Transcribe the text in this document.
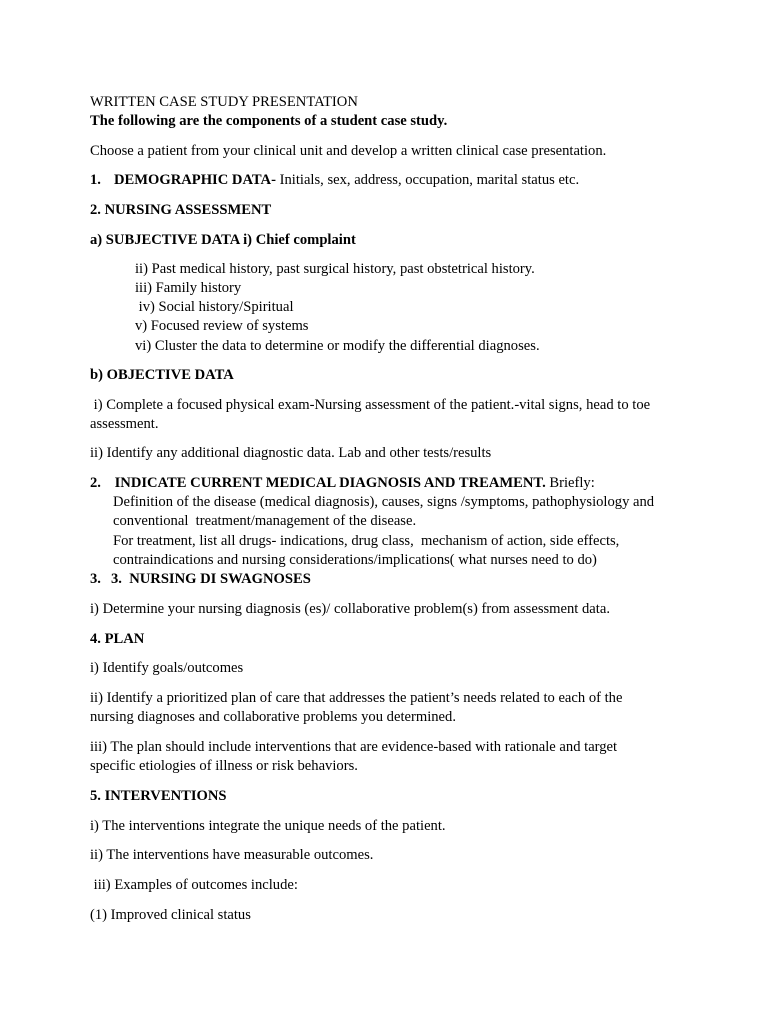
WRITTEN CASE STUDY PRESENTATION
The following are the components of a student case study.
Choose a patient from your clinical unit and develop a written clinical case presentation.
1. DEMOGRAPHIC DATA- Initials, sex, address, occupation, marital status etc.
2. NURSING ASSESSMENT
a) SUBJECTIVE DATA i) Chief complaint
ii) Past medical history, past surgical history, past obstetrical history.
iii) Family history
iv) Social history/Spiritual
v) Focused review of systems
vi) Cluster the data to determine or modify the differential diagnoses.
b) OBJECTIVE DATA
i) Complete a focused physical exam-Nursing assessment of the patient.-vital signs, head to toe
assessment.
ii) Identify any additional diagnostic data. Lab and other tests/results
2. INDICATE CURRENT MEDICAL DIAGNOSIS AND TREAMENT. Briefly:
Definition of the disease (medical diagnosis), causes, signs /symptoms, pathophysiology and
conventional  treatment/management of the disease.
For treatment, list all drugs- indications, drug class,  mechanism of action, side effects,
contraindications and nursing considerations/implications( what nurses need to do)
3. 3.  NURSING DI SWAGNOSES
i) Determine your nursing diagnosis (es)/ collaborative problem(s) from assessment data.
4. PLAN
i) Identify goals/outcomes
ii) Identify a prioritized plan of care that addresses the patient’s needs related to each of the
nursing diagnoses and collaborative problems you determined.
iii) The plan should include interventions that are evidence-based with rationale and target
specific etiologies of illness or risk behaviors.
5. INTERVENTIONS
i) The interventions integrate the unique needs of the patient.
ii) The interventions have measurable outcomes.
iii) Examples of outcomes include:
(1) Improved clinical status
